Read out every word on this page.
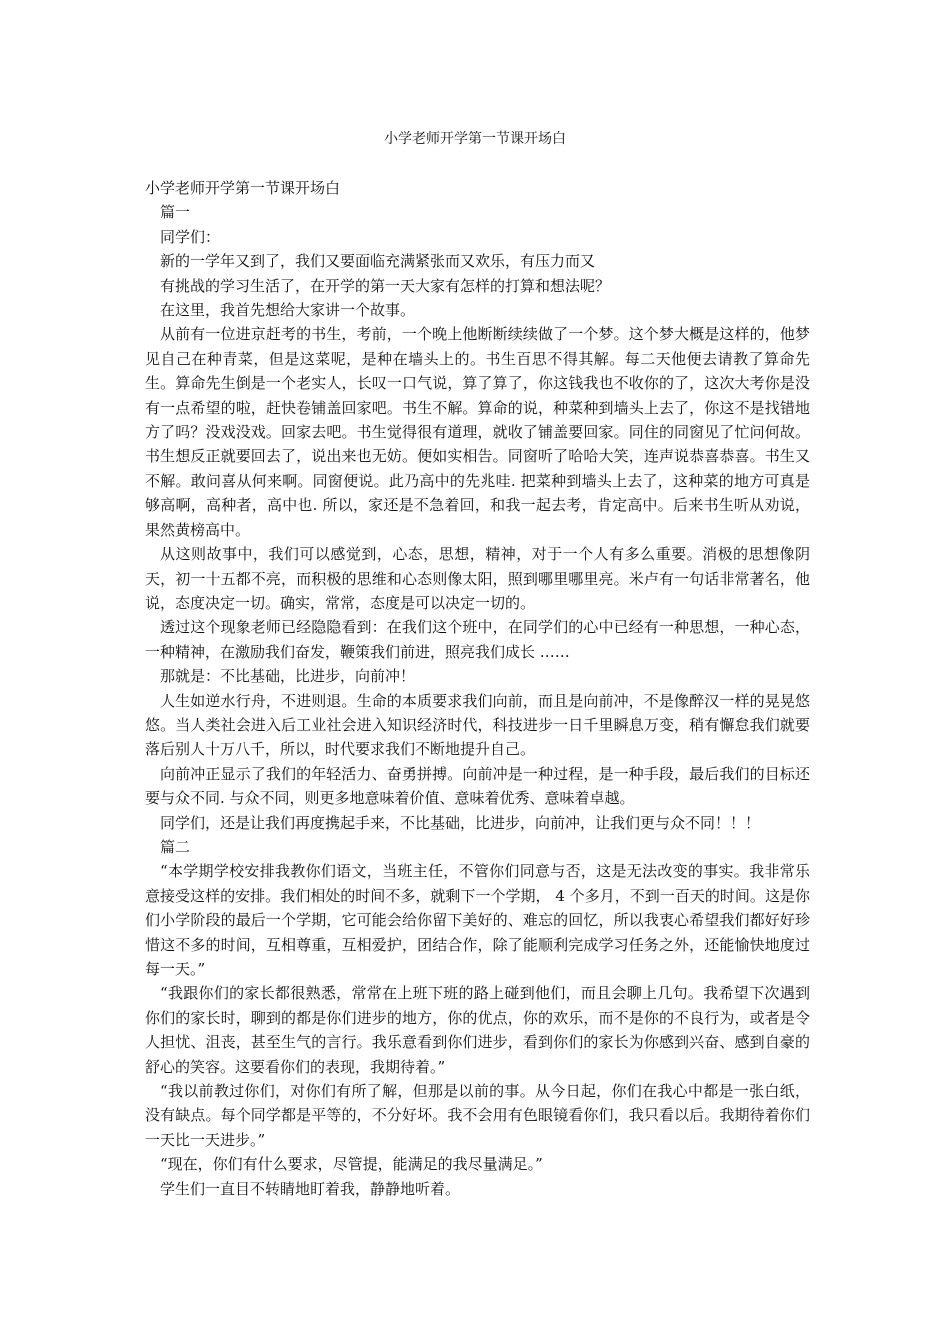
小学老师开学第一节课开场白

小学老师开学第一节课开场白

篇一

同学们：

新的一学年又到了，我们又要面临充满紧张而又欢乐，有压力而又

有挑战的学习生活了，在开学的第一天大家有怎样的打算和想法呢？

在这里，我首先想给大家讲一个故事。

从前有一位进京赶考的书生，考前，一个晚上他断断续续做了一个梦。这个梦大概是这样的，他梦见自己在种青菜，但是这菜呢，是种在墙头上的。书生百思不得其解。每二天他便去请教了算命先生。算命先生倒是一个老实人，长叹一口气说，算了算了，你这钱我也不收你的了，这次大考你是没有一点希望的啦，赶快卷铺盖回家吧。书生不解。算命的说，种菜种到墙头上去了，你这不是找错地方了吗？没戏没戏。回家去吧。书生觉得很有道理，就收了铺盖要回家。同住的同窗见了忙问何故。书生想反正就要回去了，说出来也无妨。便如实相告。同窗听了哈哈大笑，连声说恭喜恭喜。书生又不解。敢问喜从何来啊。同窗便说。此乃高中的先兆哇. 把菜种到墙头上去了，这种菜的地方可真是够高啊，高种者，高中也. 所以，家还是不急着回，和我一起去考，肯定高中。后来书生听从劝说，果然黄榜高中。

从这则故事中，我们可以感觉到，心态，思想，精神，对于一个人有多么重要。消极的思想像阴天，初一十五都不亮，而积极的思维和心态则像太阳，照到哪里哪里亮。米卢有一句话非常著名，他说，态度决定一切。确实，常常，态度是可以决定一切的。

透过这个现象老师已经隐隐看到：在我们这个班中，在同学们的心中已经有一种思想，一种心态，一种精神，在激励我们奋发，鞭策我们前进，照亮我们成长 ……

那就是：不比基础，比进步，向前冲！

人生如逆水行舟，不进则退。生命的本质要求我们向前，而且是向前冲，不是像醉汉一样的晃晃悠悠。当人类社会进入后工业社会进入知识经济时代，科技进步一日千里瞬息万变，稍有懈怠我们就要落后别人十万八千，所以，时代要求我们不断地提升自己。

向前冲正显示了我们的年轻活力、奋勇拼搏。向前冲是一种过程，是一种手段，最后我们的目标还要与众不同. 与众不同，则更多地意味着价值、意味着优秀、意味着卓越。

同学们，还是让我们再度携起手来，不比基础，比进步，向前冲，让我们更与众不同！！！

篇二

“本学期学校安排我教你们语文，当班主任，不管你们同意与否，这是无法改变的事实。我非常乐意接受这样的安排。我们相处的时间不多，就剩下一个学期， 4 个多月，不到一百天的时间。这是你们小学阶段的最后一个学期，它可能会给你留下美好的、难忘的回忆，所以我衷心希望我们都好好珍惜这不多的时间，互相尊重，互相爱护，团结合作，除了能顺利完成学习任务之外，还能愉快地度过每一天。”

“我跟你们的家长都很熟悉，常常在上班下班的路上碰到他们，而且会聊上几句。我希望下次遇到你们的家长时，聊到的都是你们进步的地方，你的优点，你的欢乐，而不是你的不良行为，或者是令人担忧、沮丧，甚至生气的言行。我乐意看到你们进步，看到你们的家长为你感到兴奋、感到自豪的舒心的笑容。这要看你们的表现，我期待着。”

“我以前教过你们，对你们有所了解，但那是以前的事。从今日起，你们在我心中都是一张白纸，没有缺点。每个同学都是平等的，不分好坏。我不会用有色眼镜看你们，我只看以后。我期待着你们一天比一天进步。”

“现在，你们有什么要求，尽管提，能满足的我尽量满足。”

学生们一直目不转睛地盯着我，静静地听着。
